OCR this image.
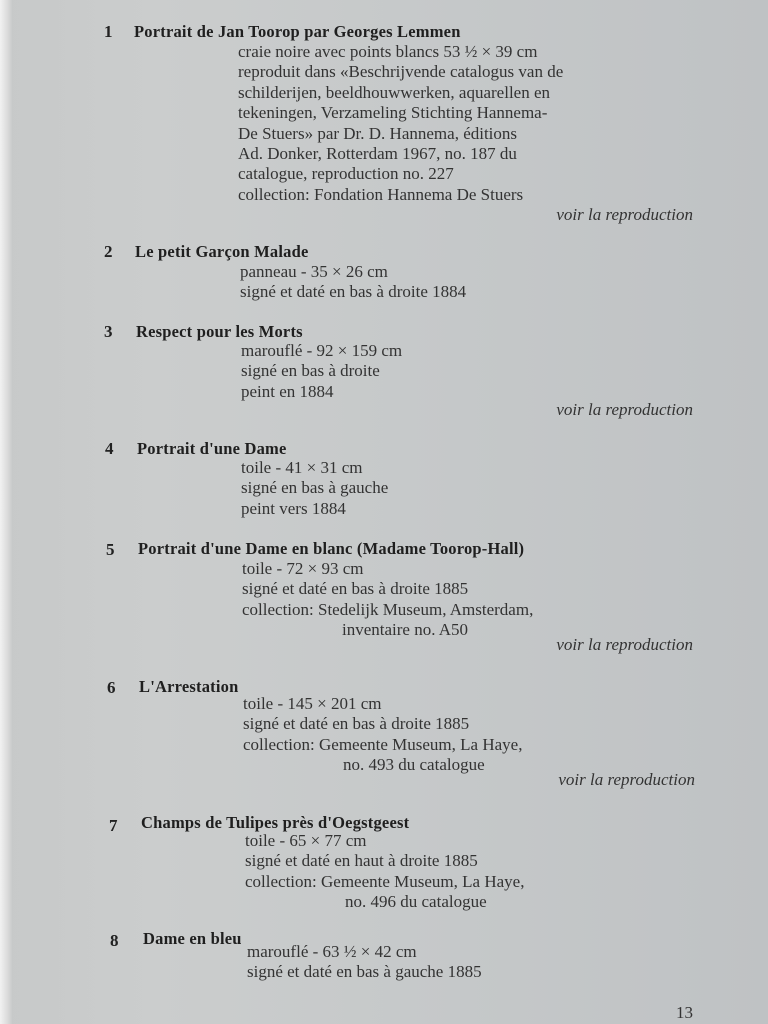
1 Portrait de Jan Toorop par Georges Lemmen
craie noire avec points blancs 53 ½ × 39 cm
reproduit dans «Beschrijvende catalogus van de
schilderijen, beeldhouwwerken, aquarellen en
tekeningen, Verzameling Stichting Hannema-
De Stuers» par Dr. D. Hannema, éditions
Ad. Donker, Rotterdam 1967, no. 187 du
catalogue, reproduction no. 227
collection: Fondation Hannema De Stuers
voir la reproduction
2 Le petit Garçon Malade
panneau - 35 × 26 cm
signé et daté en bas à droite 1884
3 Respect pour les Morts
marouflé - 92 × 159 cm
signé en bas à droite
peint en 1884
voir la reproduction
4 Portrait d'une Dame
toile - 41 × 31 cm
signé en bas à gauche
peint vers 1884
5 Portrait d'une Dame en blanc (Madame Toorop-Hall)
toile - 72 × 93 cm
signé et daté en bas à droite 1885
collection: Stedelijk Museum, Amsterdam,
inventaire no. A50
voir la reproduction
6 L'Arrestation
toile - 145 × 201 cm
signé et daté en bas à droite 1885
collection: Gemeente Museum, La Haye,
no. 493 du catalogue
voir la reproduction
7 Champs de Tulipes près d'Oegstgeest
toile - 65 × 77 cm
signé et daté en haut à droite 1885
collection: Gemeente Museum, La Haye,
no. 496 du catalogue
8 Dame en bleu
marouflé - 63 ½ × 42 cm
signé et daté en bas à gauche 1885
13
